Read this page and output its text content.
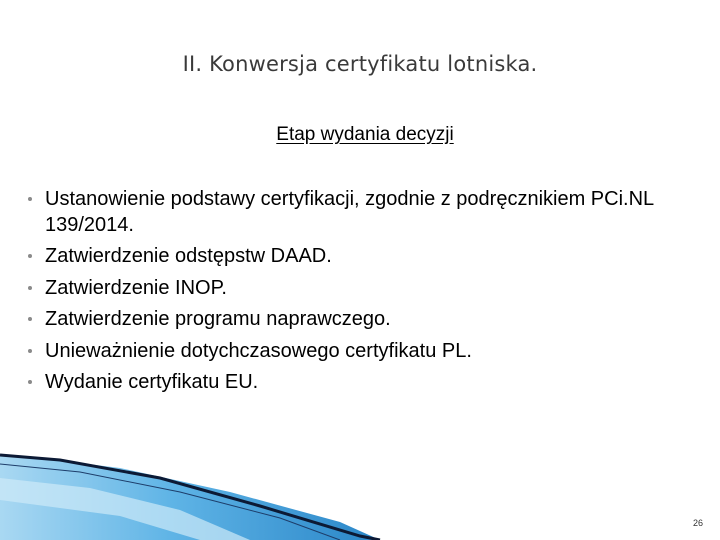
II. Konwersja certyfikatu lotniska.
Etap wydania decyzji
Ustanowienie podstawy certyfikacji, zgodnie z podręcznikiem PCi.NL 139/2014.
Zatwierdzenie odstępstw DAAD.
Zatwierdzenie INOP.
Zatwierdzenie programu naprawczego.
Unieważnienie dotychczasowego certyfikatu PL.
Wydanie certyfikatu EU.
26
